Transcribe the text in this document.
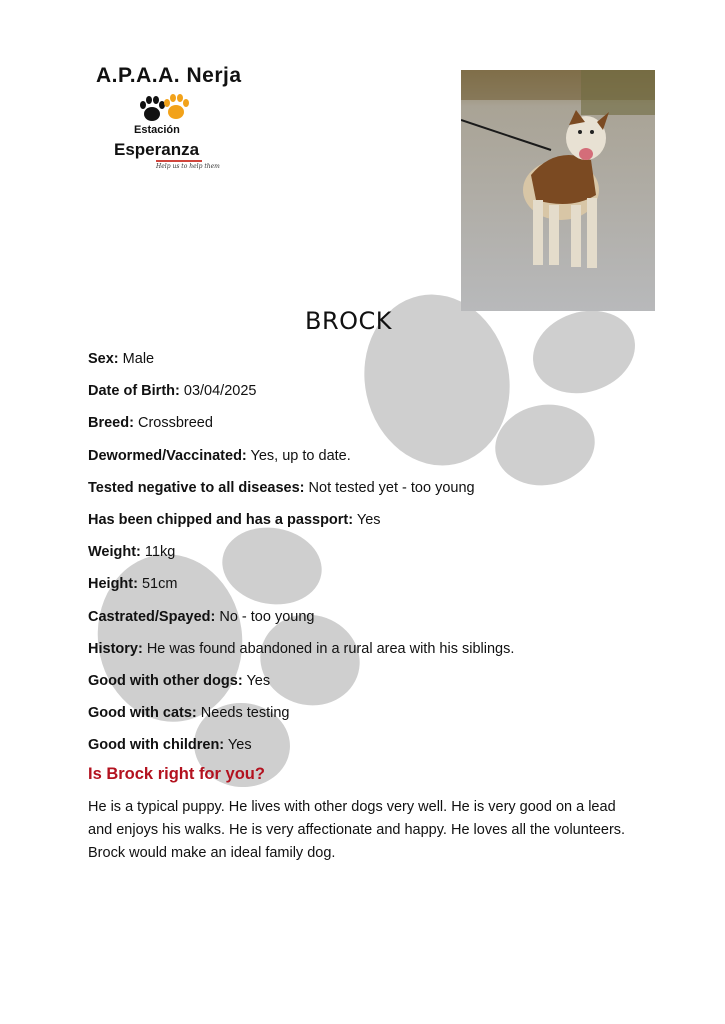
A.P.A.A. Nerja
Estación
Esperanza
Help us to help them
BROCK
Sex: Male
Date of Birth: 03/04/2025
Breed: Crossbreed
Dewormed/Vaccinated: Yes, up to date.
Tested negative to all diseases: Not tested yet - too young
Has been chipped and has a passport: Yes
Weight: 11kg
Height: 51cm
Castrated/Spayed: No - too young
History: He was found abandoned in a rural area with his siblings.
Good with other dogs: Yes
Good with cats: Needs testing
Good with children: Yes
Is Brock right for you?

He is a typical puppy. He lives with other dogs very well. He is very good on a lead and enjoys his walks. He is very affectionate and happy. He loves all the volunteers. Brock would make an ideal family dog.
